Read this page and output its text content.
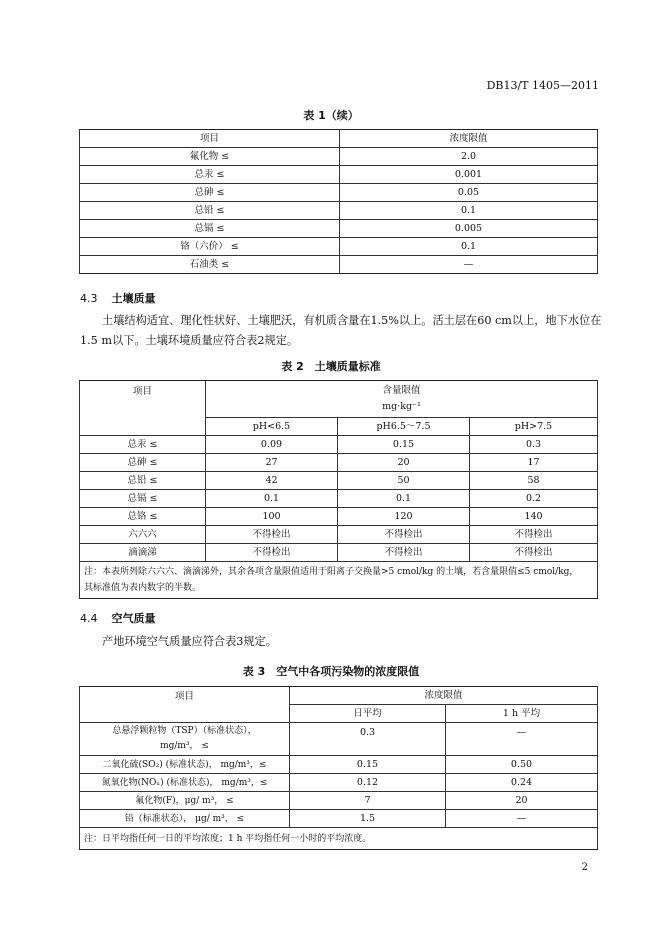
DB13/T 1405—2011
表 1（续）
项目	浓度限值
氟化物 ≤	2.0
总汞 ≤	0.001
总砷 ≤	0.05
总铅 ≤	0.1
总镉 ≤	0.005
铬（六价） ≤	0.1
石油类 ≤	—
4.3 土壤质量
土壤结构适宜、理化性状好、土壤肥沃，有机质含量在1.5%以上。活土层在60 cm以上，地下水位在1.5 m以下。土壤环境质量应符合表2规定。
表 2　土壤质量标准
项目	含量限值
mg·kg⁻¹		

	pH<6.5	pH6.5～7.5	pH>7.5
总汞 ≤	0.09	0.15	0.3
总砷 ≤	27	20	17
总铅 ≤	42	50	58
总镉 ≤	0.1	0.1	0.2
总铬 ≤	100	120	140
六六六	不得检出	不得检出	不得检出
滴滴涕	不得检出	不得检出	不得检出

注：本表所列除六六六、滴滴涕外，其余各项含量限值适用于阳离子交换量>5 cmol/kg 的土壤，若含量限值≤5 cmol/kg，
其标准值为表内数字的半数。			
4.4 空气质量
产地环境空气质量应符合表3规定。
表 3　空气中各项污染物的浓度限值
项目	浓度限值	
	日平均	1 h 平均
总悬浮颗粒物（TSP）（标准状态）， mg/m³， ≤	0.3	—
二氧化硫(SO₂) (标准状态)， mg/m³，≤	0.15	0.50
氮氧化物(NOₓ) (标准状态)， mg/m³，≤	0.12	0.24
氟化物(F)，μg/ m³， ≤	7	20
铅（标准状态）， μg/ m³， ≤	1.5	—
注：日平均指任何一日的平均浓度；1 h 平均指任何一小时的平均浓度。		
2
